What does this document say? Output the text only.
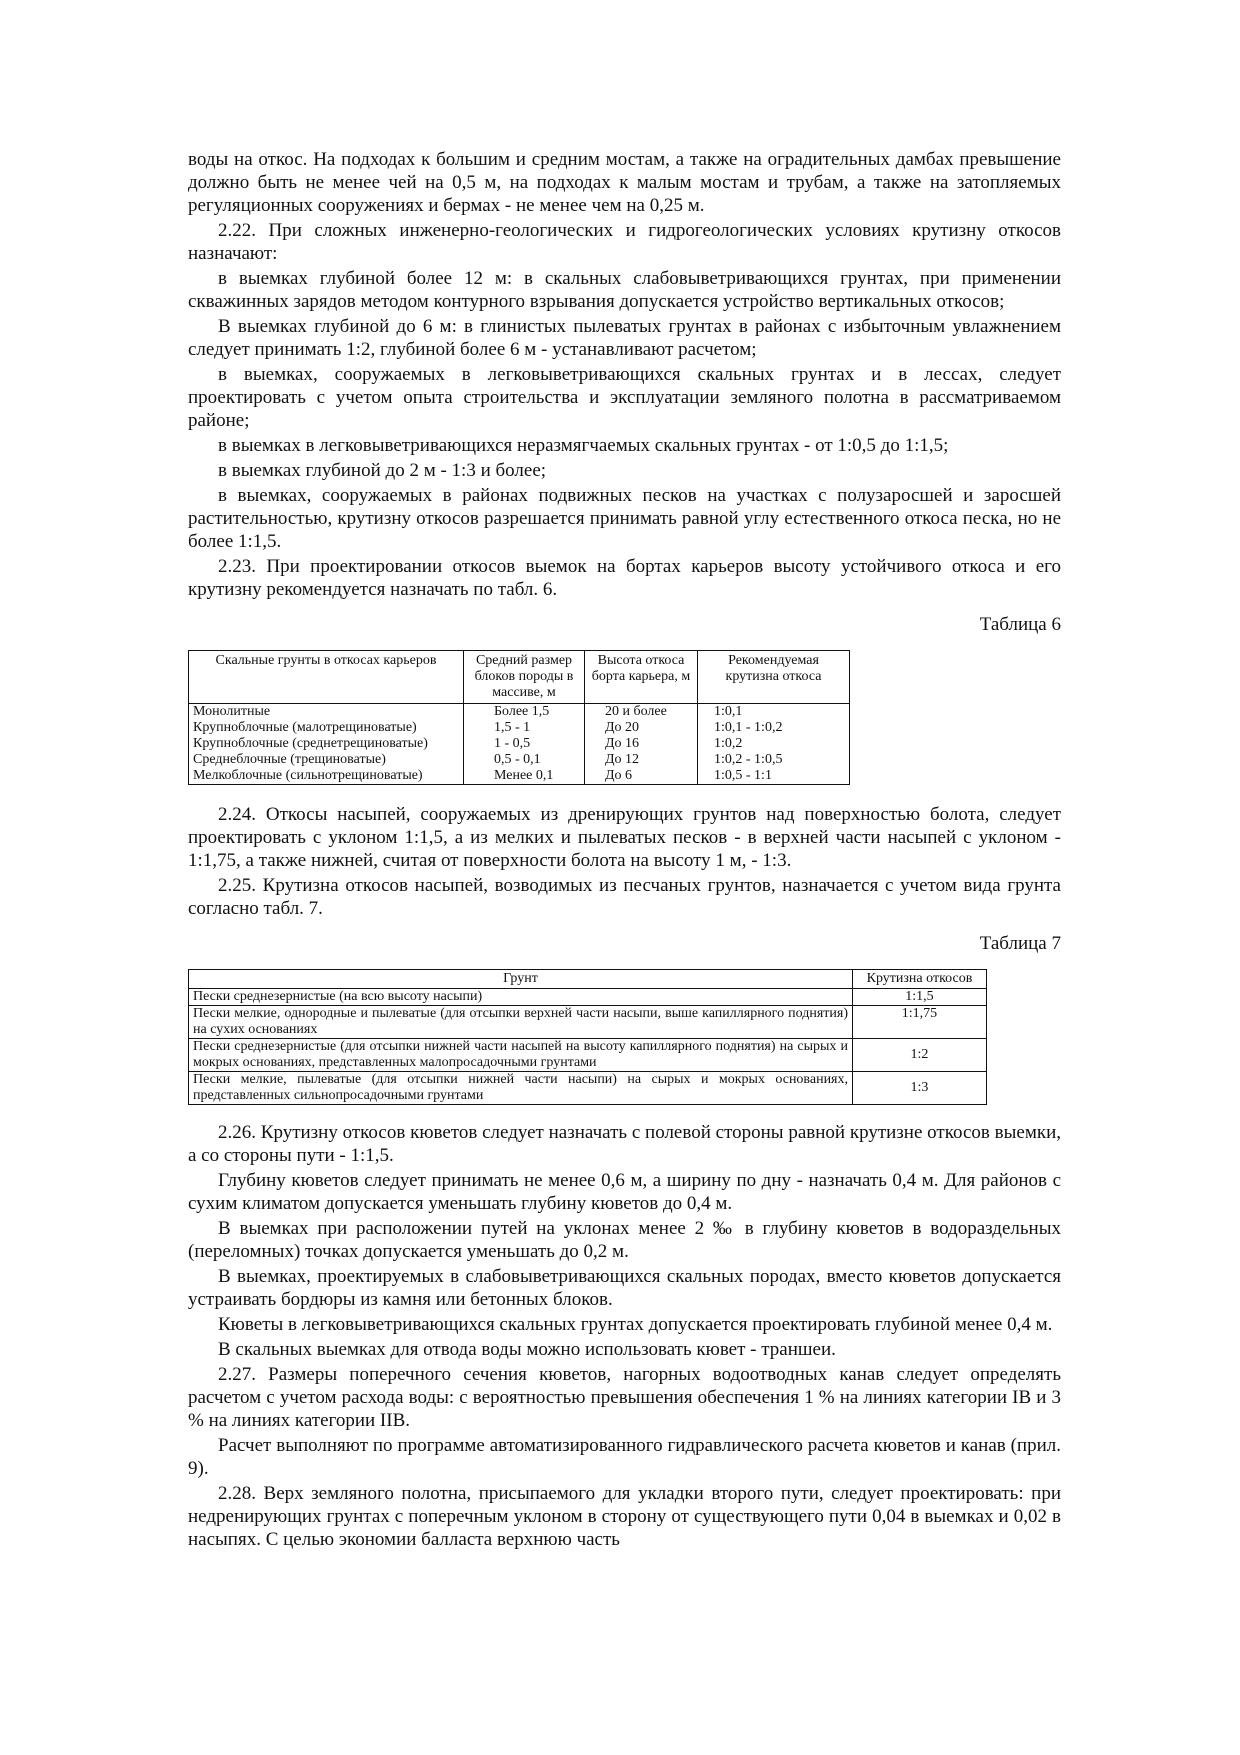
воды на откос. На подходах к большим и средним мостам, а также на оградительных дамбах превышение должно быть не менее чей на 0,5 м, на подходах к малым мостам и трубам, а также на затопляемых регуляционных сооружениях и бермах - не менее чем на 0,25 м.

2.22. При сложных инженерно-геологических и гидрогеологических условиях крутизну откосов назначают:

в выемках глубиной более 12 м: в скальных слабовыветривающихся грунтах, при применении скважинных зарядов методом контурного взрывания допускается устройство вертикальных откосов;

В выемках глубиной до 6 м: в глинистых пылеватых грунтах в районах с избыточным увлажнением следует принимать 1:2, глубиной более 6 м - устанавливают расчетом;

в выемках, сооружаемых в легковыветривающихся скальных грунтах и в лессах, следует проектировать с учетом опыта строительства и эксплуатации земляного полотна в рассматриваемом районе;

в выемках в легковыветривающихся неразмягчаемых скальных грунтах - от 1:0,5 до 1:1,5;

в выемках глубиной до 2 м - 1:3 и более;

в выемках, сооружаемых в районах подвижных песков на участках с полузаросшей и заросшей растительностью, крутизну откосов разрешается принимать равной углу естественного откоса песка, но не более 1:1,5.

2.23. При проектировании откосов выемок на бортах карьеров высоту устойчивого откоса и его крутизну рекомендуется назначать по табл. 6.

Таблица 6

Скальные грунты в откосах карьеров	Средний размер блоков породы в массиве, м	Высота откоса борта карьера, м	Рекомендуемая крутизна откоса
Монолитные	Более 1,5	20 и более	1:0,1
Крупноблочные (малотрещиноватые)	1,5 - 1	До 20	1:0,1 - 1:0,2
Крупноблочные (среднетрещиноватые)	1 - 0,5	До 16	1:0,2
Среднеблочные (трещиноватые)	0,5 - 0,1	До 12	1:0,2 - 1:0,5
Мелкоблочные (сильнотрещиноватые)	Менее 0,1	До 6	1:0,5 - 1:1

2.24. Откосы насыпей, сооружаемых из дренирующих грунтов над поверхностью болота, следует проектировать с уклоном 1:1,5, а из мелких и пылеватых песков - в верхней части насыпей с уклоном - 1:1,75, а также нижней, считая от поверхности болота на высоту 1 м, - 1:3.

2.25. Крутизна откосов насыпей, возводимых из песчаных грунтов, назначается с учетом вида грунта согласно табл. 7.

Таблица 7

Грунт	Крутизна откосов
Пески среднезернистые (на всю высоту насыпи)	1:1,5
Пески мелкие, однородные и пылеватые (для отсыпки верхней части насыпи, выше капиллярного поднятия) на сухих основаниях	1:1,75
Пески среднезернистые (для отсыпки нижней части насыпей на высоту капиллярного поднятия) на сырых и мокрых основаниях, представленных малопросадочными грунтами	1:2
Пески мелкие, пылеватые (для отсыпки нижней части насыпи) на сырых и мокрых основаниях, представленных сильнопросадочными грунтами	1:3

2.26. Крутизну откосов кюветов следует назначать с полевой стороны равной крутизне откосов выемки, а со стороны пути - 1:1,5.

Глубину кюветов следует принимать не менее 0,6 м, а ширину по дну - назначать 0,4 м. Для районов с сухим климатом допускается уменьшать глубину кюветов до 0,4 м.

В выемках при расположении путей на уклонах менее 2 ‰ в глубину кюветов в водораздельных (переломных) точках допускается уменьшать до 0,2 м.

В выемках, проектируемых в слабовыветривающихся скальных породах, вместо кюветов допускается устраивать бордюры из камня или бетонных блоков.

Кюветы в легковыветривающихся скальных грунтах допускается проектировать глубиной менее 0,4 м.

В скальных выемках для отвода воды можно использовать кювет - траншеи.

2.27. Размеры поперечного сечения кюветов, нагорных водоотводных канав следует определять расчетом с учетом расхода воды: с вероятностью превышения обеспечения 1 % на линиях категории IВ и 3 % на линиях категории IIВ.

Расчет выполняют по программе автоматизированного гидравлического расчета кюветов и канав (прил. 9).

2.28. Верх земляного полотна, присыпаемого для укладки второго пути, следует проектировать: при недренирующих грунтах с поперечным уклоном в сторону от существующего пути 0,04 в выемках и 0,02 в насыпях. С целью экономии балласта верхнюю часть
